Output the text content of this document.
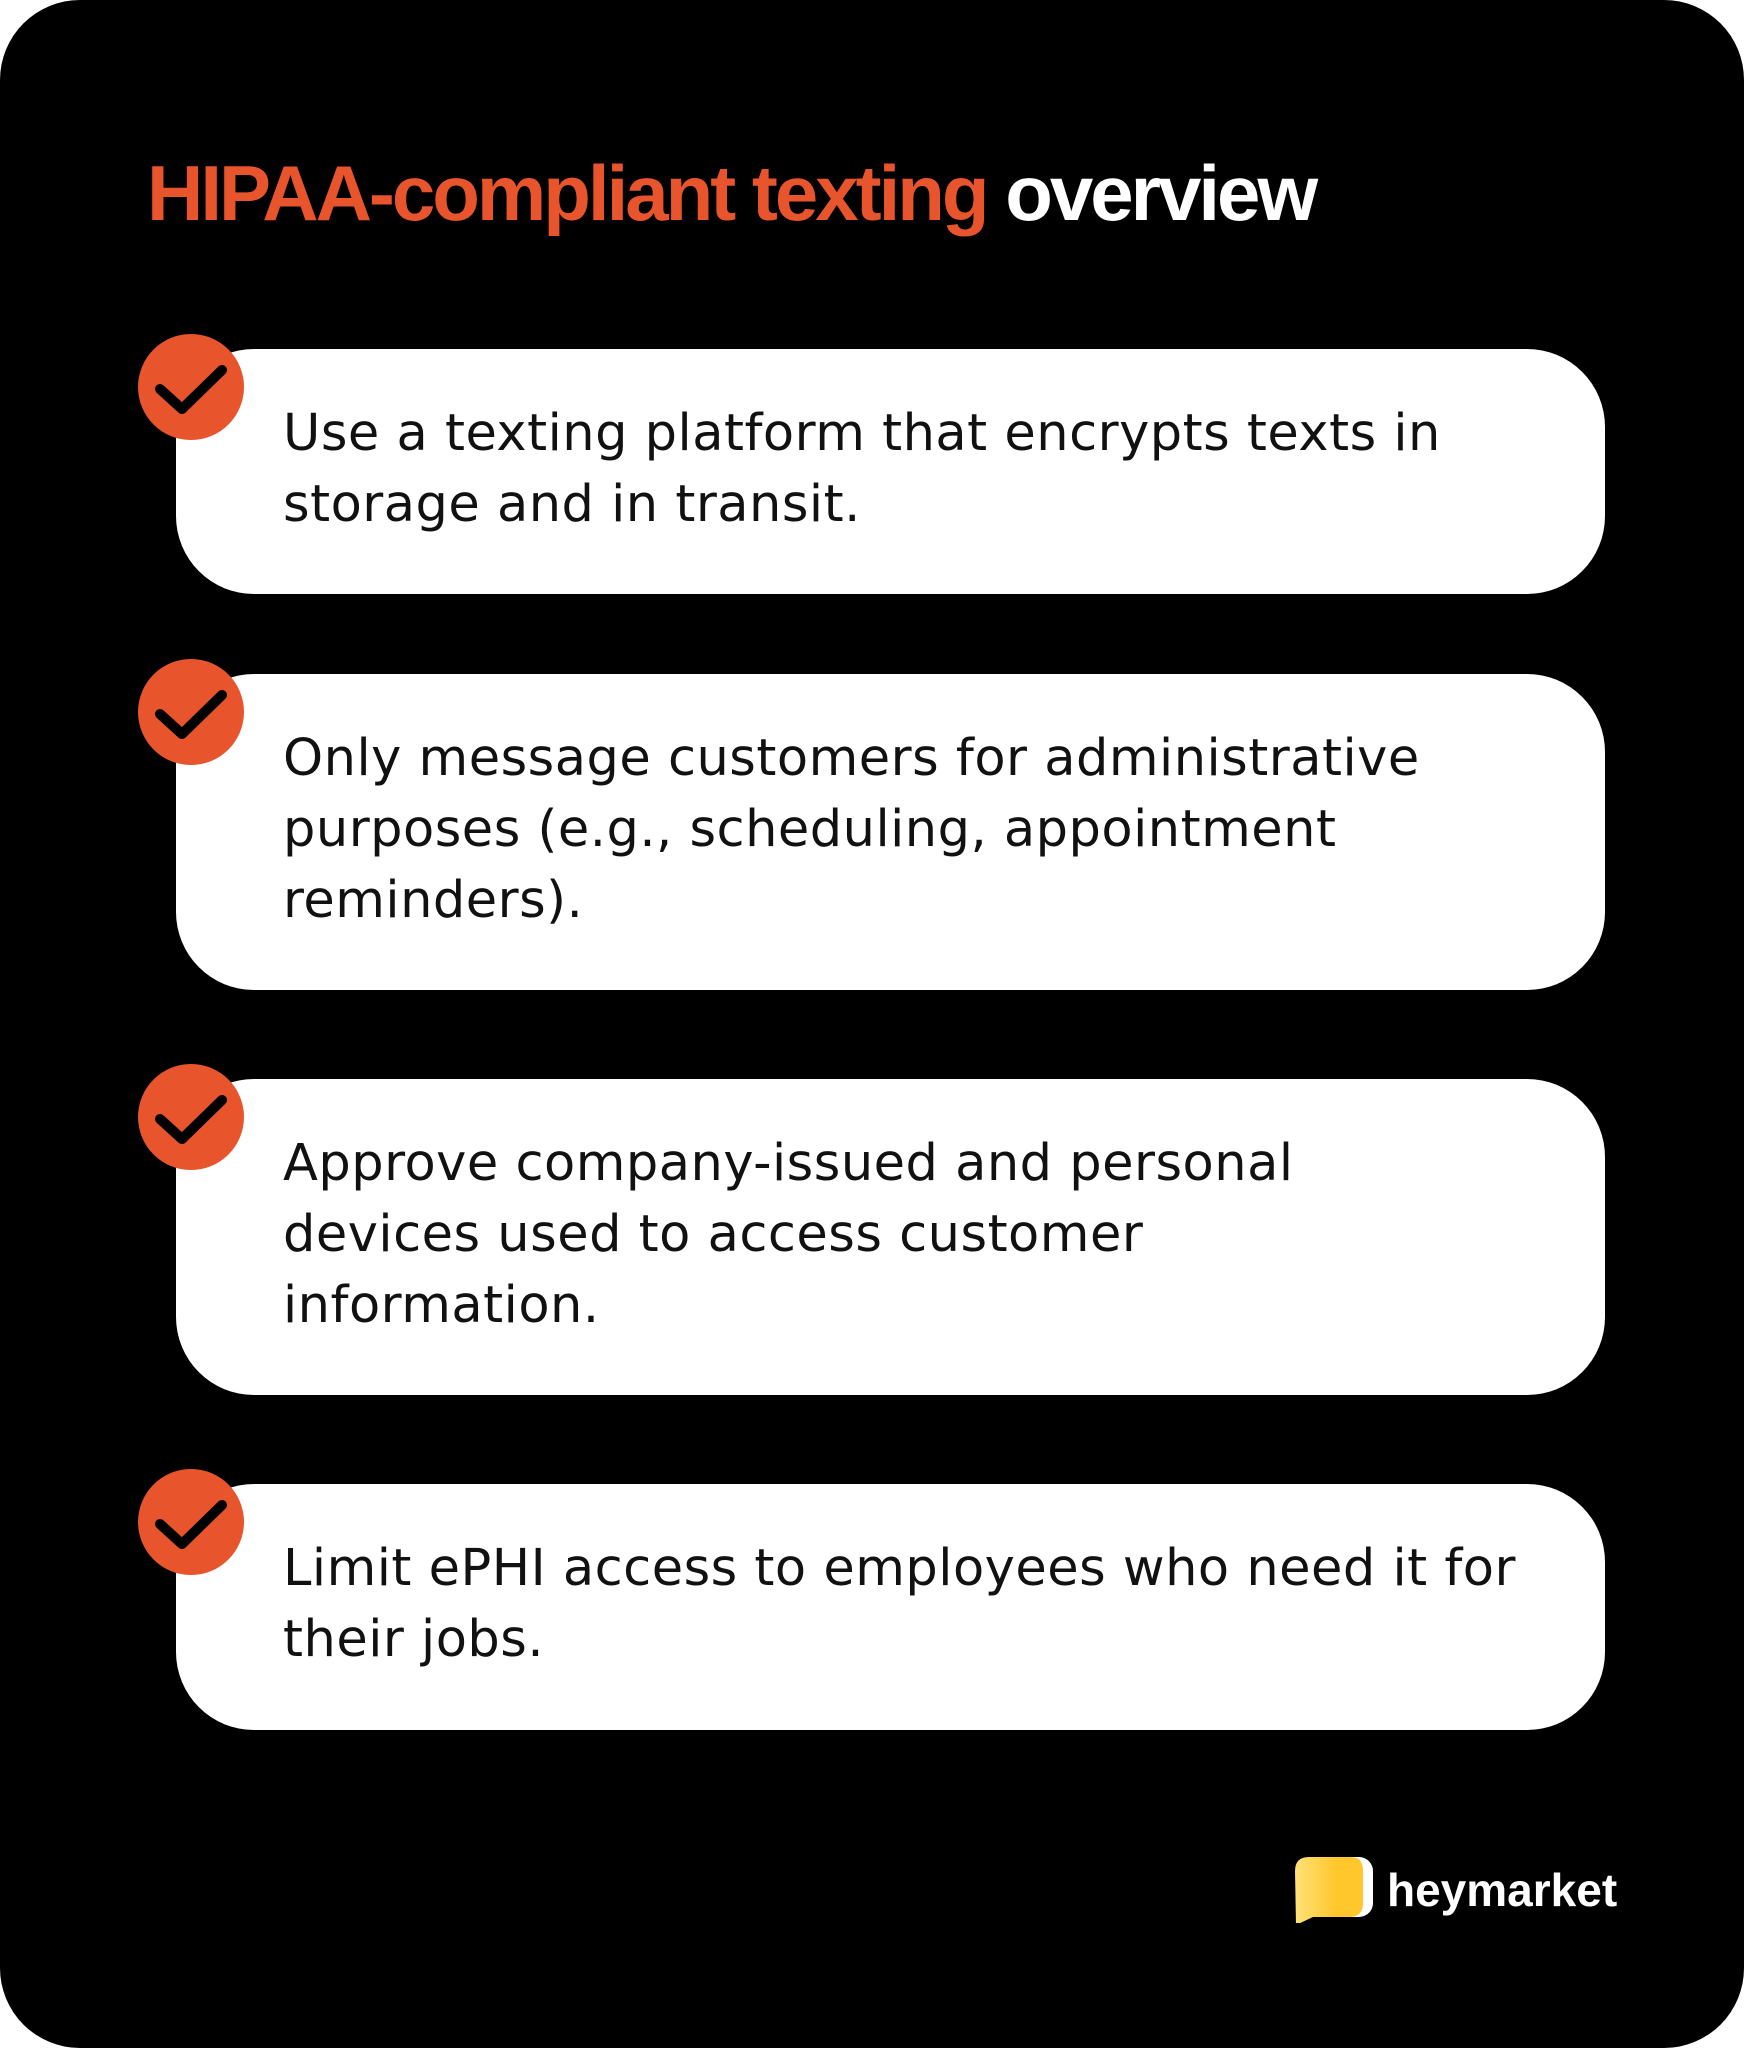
HIPAA-compliant texting overview
Use a texting platform that encrypts texts in storage and in transit.
Only message customers for administrative purposes (e.g., scheduling, appointment reminders).
Approve company-issued and personal devices used to access customer information.
Limit ePHI access to employees who need it for their jobs.
heymarket
